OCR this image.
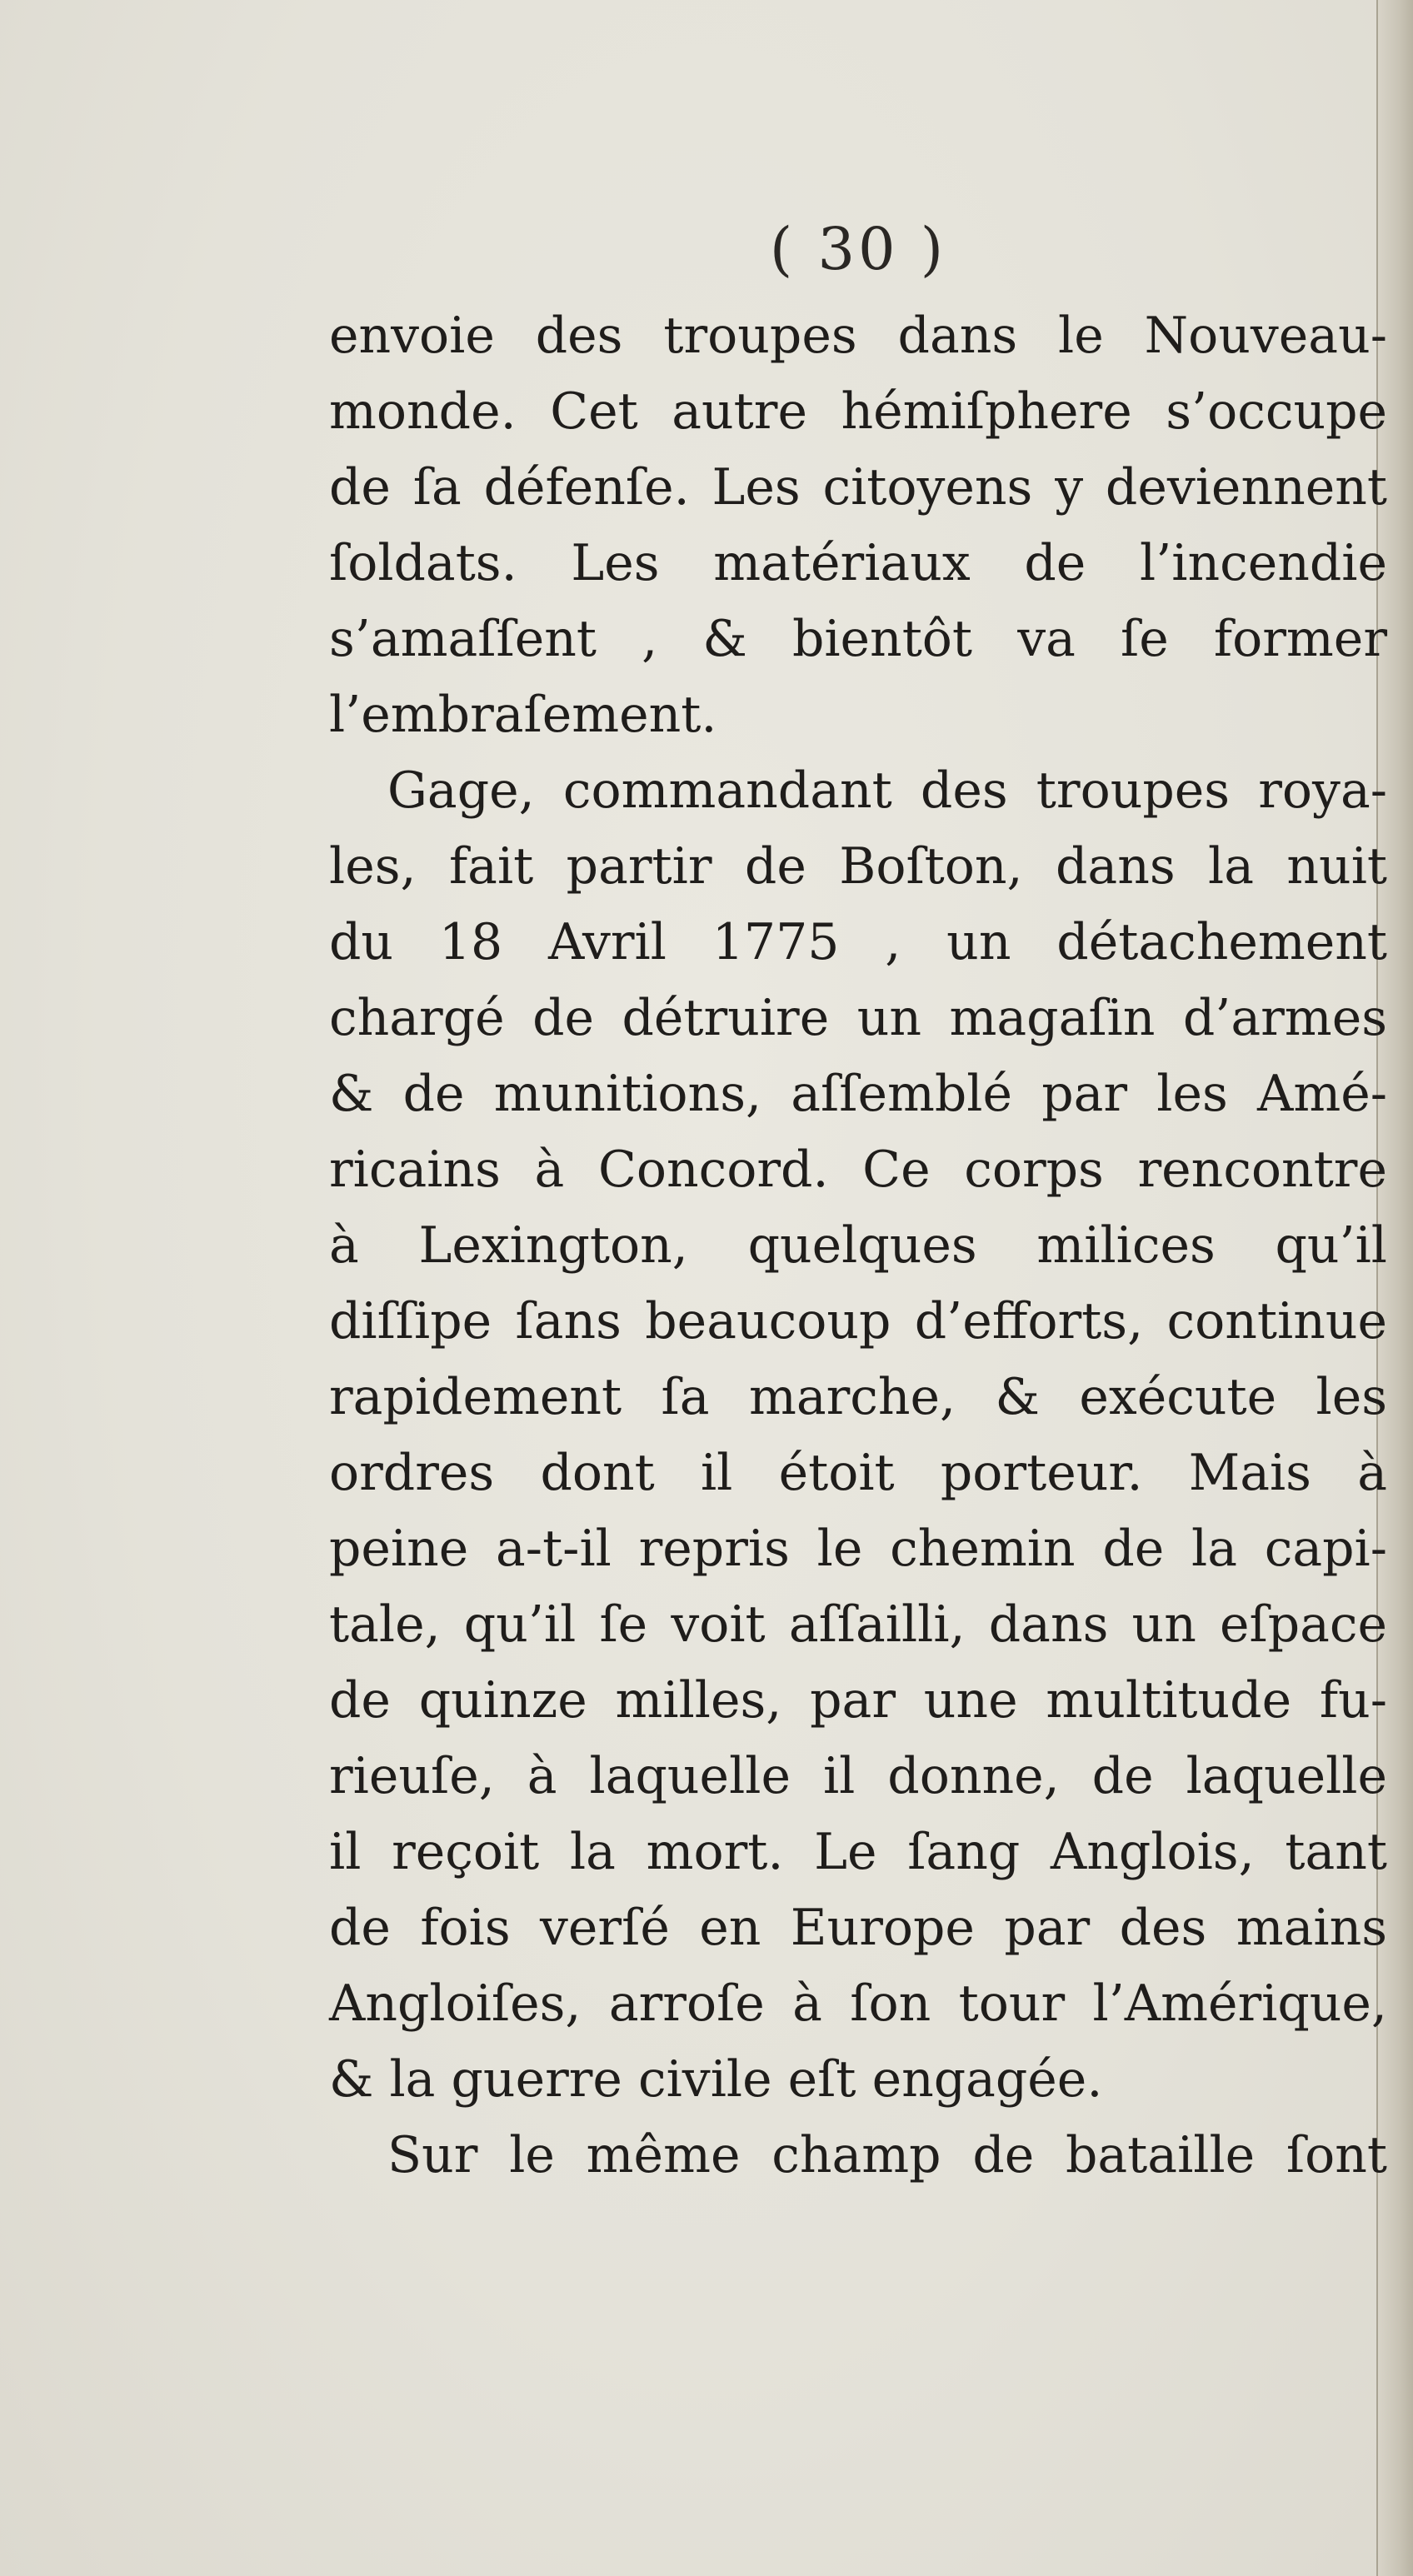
( 30 )
envoie des troupes dans le Nouveau-
monde. Cet autre hémiſphere s’occupe
de ſa défenſe. Les citoyens y deviennent
ſoldats. Les matériaux de l’incendie
s’amaſſent , & bientôt va ſe former
l’embraſement.
Gage, commandant des troupes roya-
les, fait partir de Boſton, dans la nuit
du 18 Avril 1775 , un détachement
chargé de détruire un magaſin d’armes
& de munitions, aſſemblé par les Amé-
ricains à Concord. Ce corps rencontre
à Lexington, quelques milices qu’il
diſſipe ſans beaucoup d’efforts, continue
rapidement ſa marche, & exécute les
ordres dont il étoit porteur. Mais à
peine a-t-il repris le chemin de la capi-
tale, qu’il ſe voit aſſailli, dans un eſpace
de quinze milles, par une multitude fu-
rieuſe, à laquelle il donne, de laquelle
il reçoit la mort. Le ſang Anglois, tant
de fois verſé en Europe par des mains
Angloiſes, arroſe à ſon tour l’Amérique,
& la guerre civile eſt engagée.
Sur le même champ de bataille ſont
